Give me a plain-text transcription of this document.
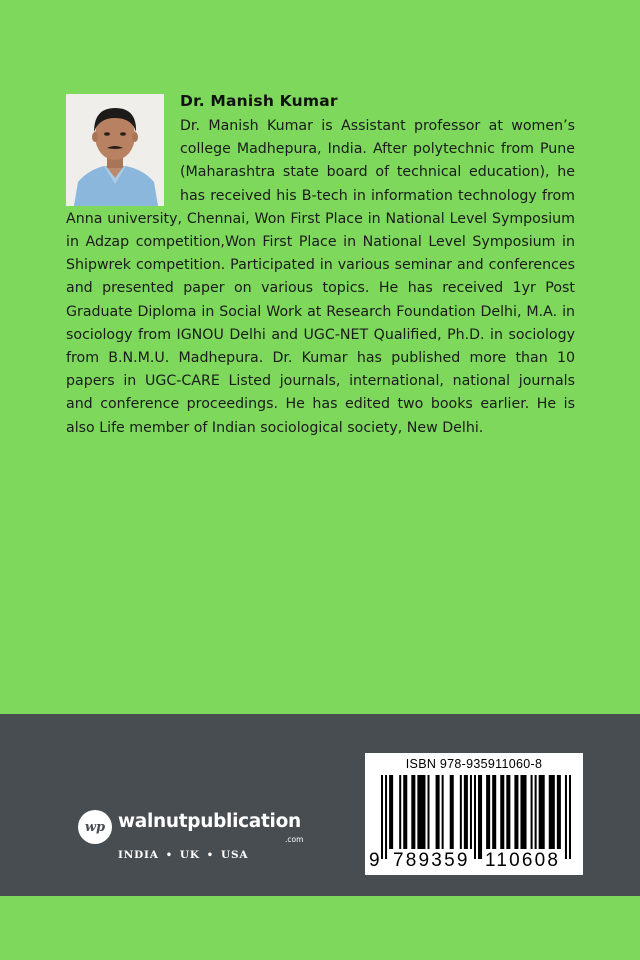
Dr. Manish Kumar

Dr. Manish Kumar is Assistant professor at women’s college Madhepura, India. After polytechnic from Pune (Maharashtra state board of technical education), he has received his B-tech in information technology from Anna university, Chennai, Won First Place in National Level Symposium in Adzap competition,Won First Place in National Level Symposium in Shipwrek competition. Participated in various seminar and conferences and presented paper on various topics. He has received 1yr Post Graduate Diploma in Social Work at Research Foundation Delhi, M.A. in sociology from IGNOU Delhi and UGC-NET Qualified, Ph.D. in sociology from B.N.M.U. Madhepura. Dr. Kumar has published more than 10 papers in UGC-CARE Listed journals, international, national journals and conference proceedings. He has edited two books earlier. He is also Life member of Indian sociological society, New Delhi.

wp walnutpublication
.com
INDIA • UK • USA
ISBN 978-935911060-8
9 789359 110608
